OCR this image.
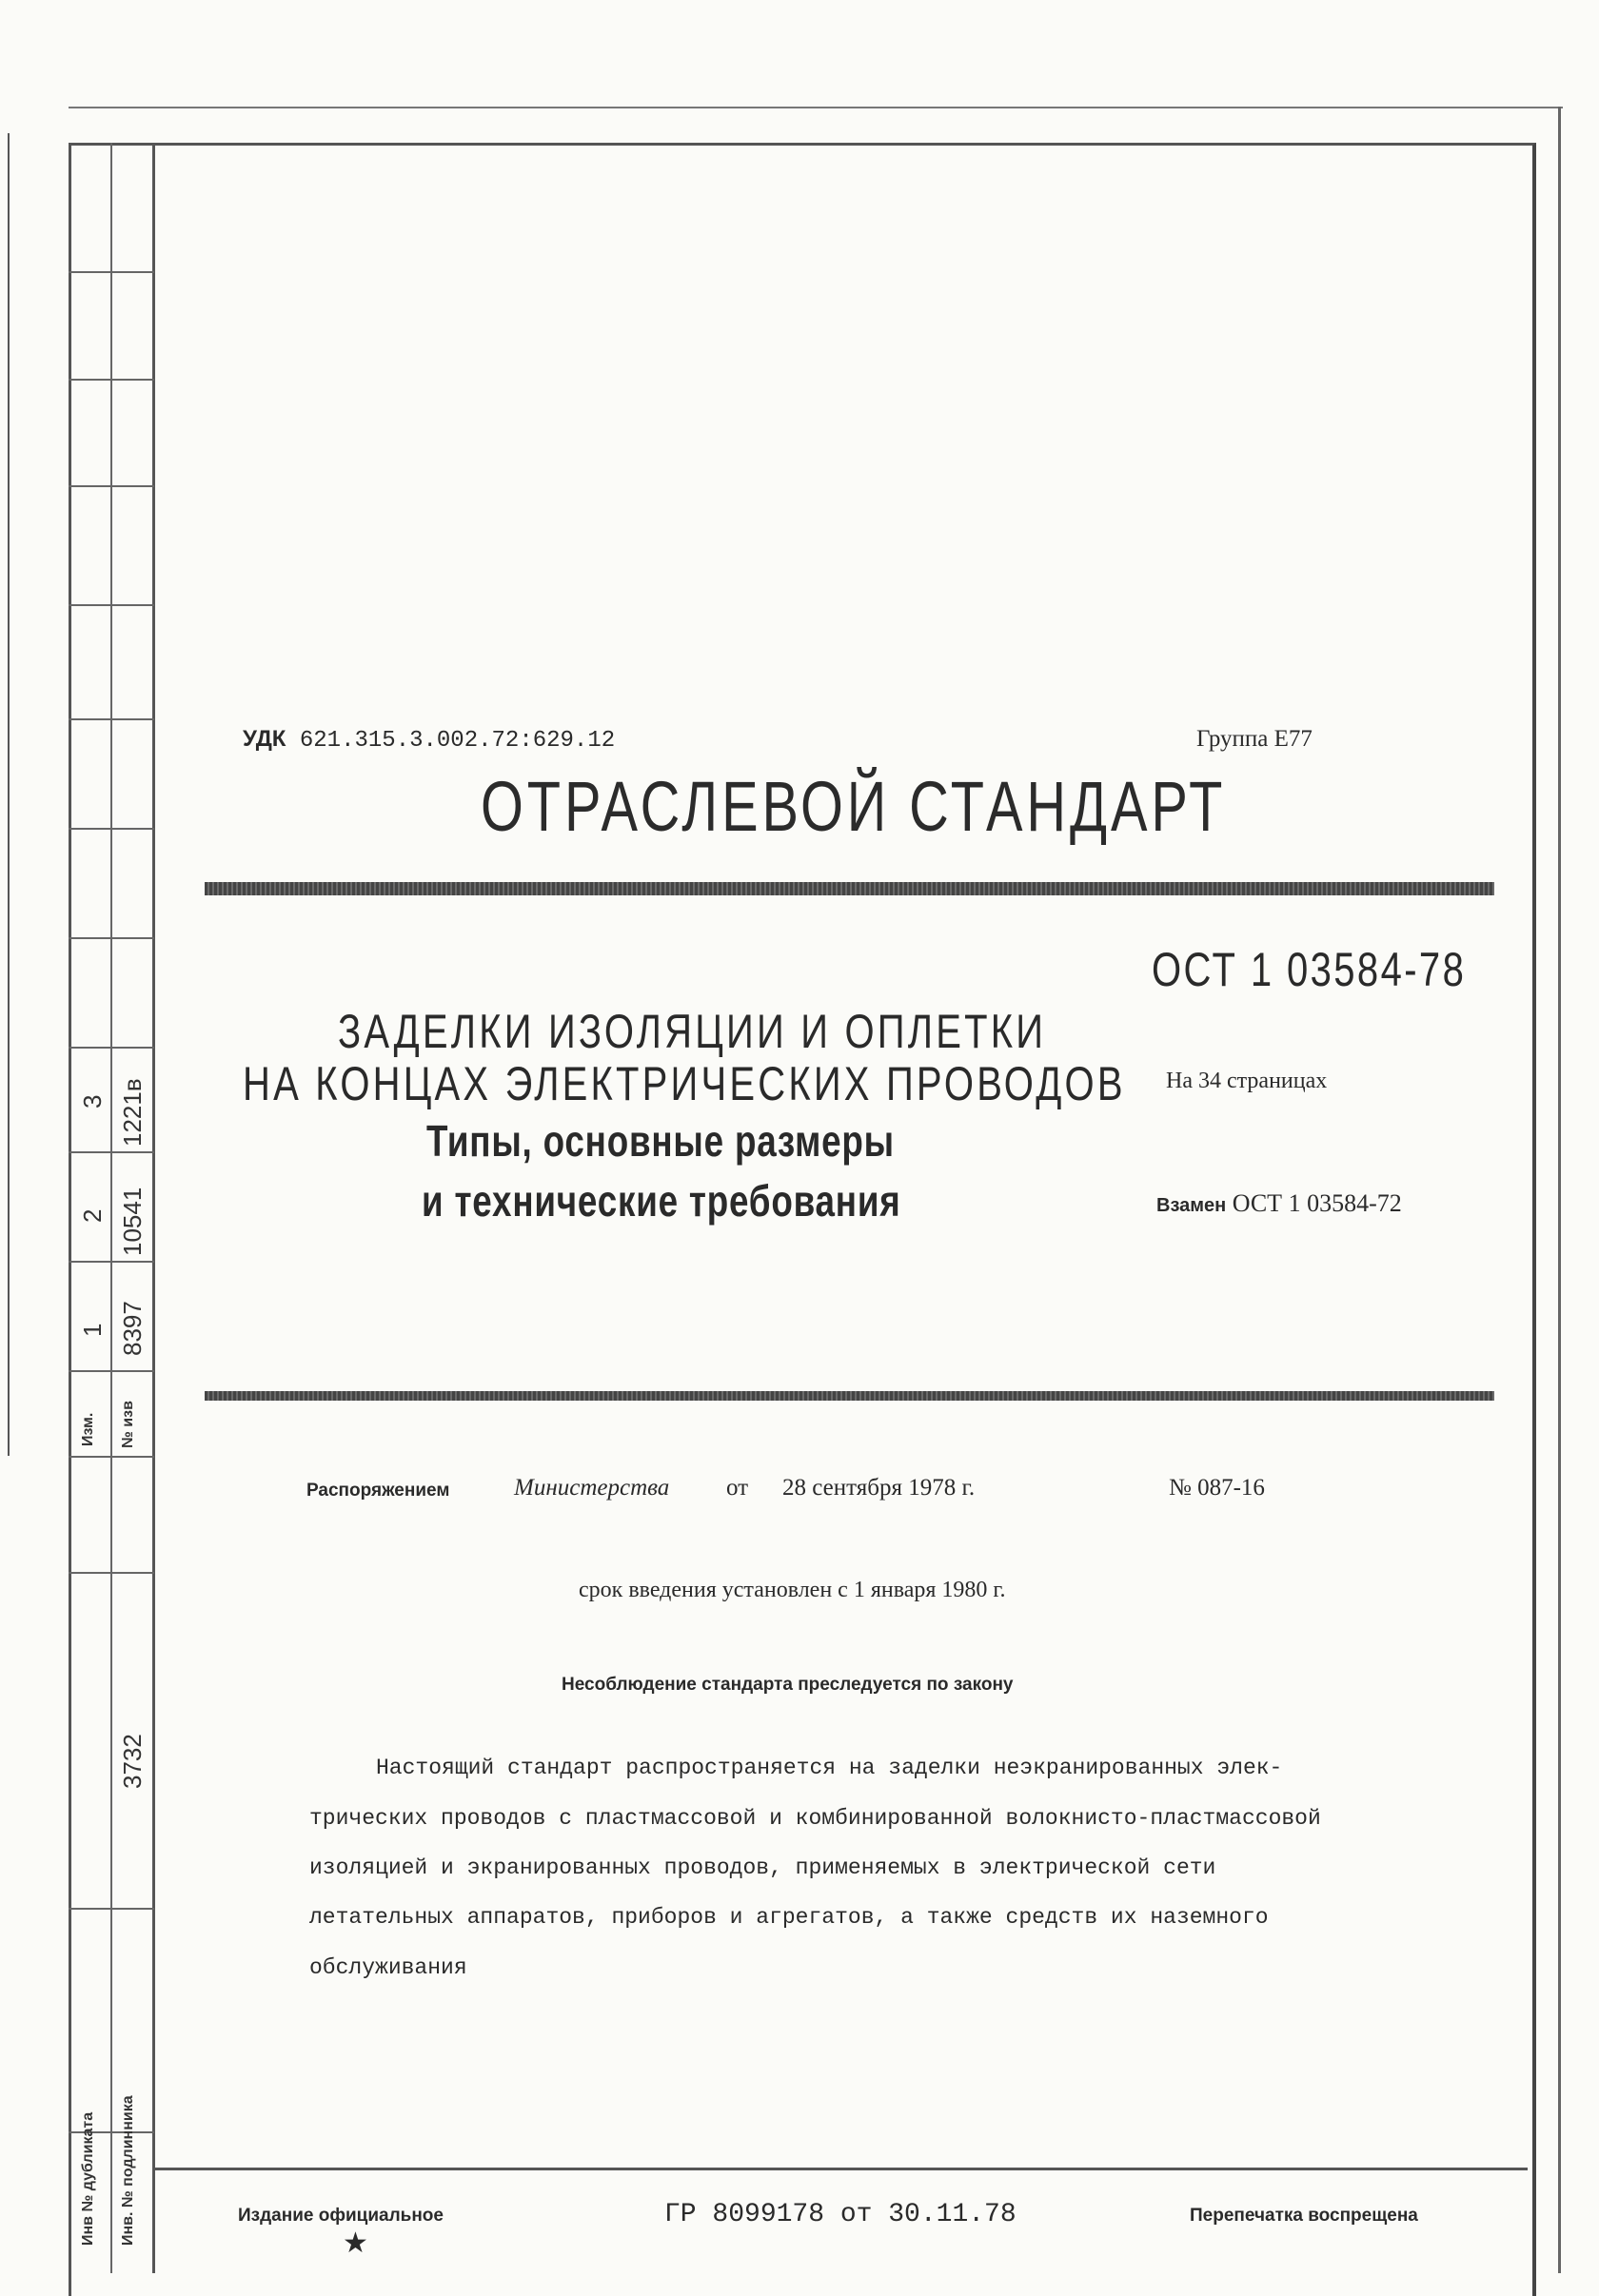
3 1221в
2 10541
1 8397
Изм. № изв
3732
Инв № дубликата Инв. № подлинника
УДК 621.315.3.002.72:629.12	Группа Е77
ОТРАСЛЕВОЙ СТАНДАРТ
ОСТ 1 03584-78
ЗАДЕЛКИ ИЗОЛЯЦИИ И ОПЛЕТКИ
НА КОНЦАХ ЭЛЕКТРИЧЕСКИХ ПРОВОДОВ
Типы, основные размеры
и технические требования
На 34 страницах
Взамен ОСТ 1 03584-72
Распоряжением	Министерства от 28 сентября 1978 г.	№ 087-16
срок введения установлен с 1 января 1980 г.
Несоблюдение стандарта преследуется по закону
Настоящий стандарт распространяется на заделки неэкранированных элек-
трических проводов с пластмассовой и комбинированной волокнисто-пластмассовой
изоляцией и экранированных проводов, применяемых в электрической сети
летательных аппаратов, приборов и агрегатов, а также средств их наземного
обслуживания
Издание официальное
★
ГР 8099178 от 30.11.78	Перепечатка воспрещена
